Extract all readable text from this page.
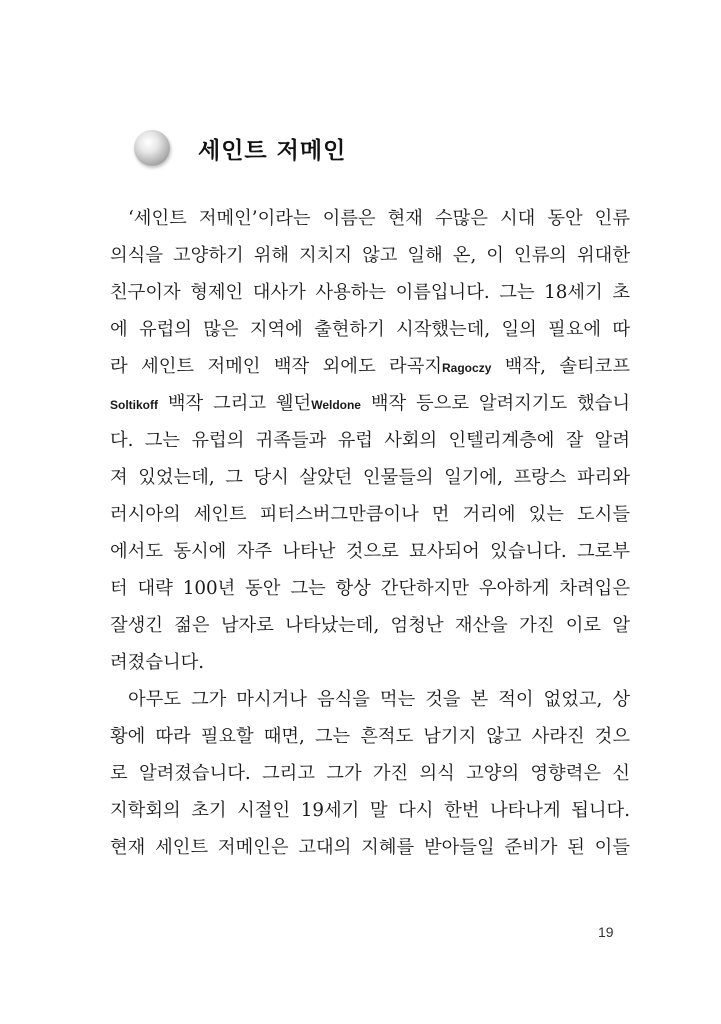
세인트 저메인
‘세인트 저메인’이라는 이름은 현재 수많은 시대 동안 인류
의식을 고양하기 위해 지치지 않고 일해 온, 이 인류의 위대한
친구이자 형제인 대사가 사용하는 이름입니다. 그는 18세기 초
에 유럽의 많은 지역에 출현하기 시작했는데, 일의 필요에 따
라 세인트 저메인 백작 외에도 라곡지Ragoczy 백작, 솔티코프
Soltikoff 백작 그리고 웰던Weldone 백작 등으로 알려지기도 했습니
다. 그는 유럽의 귀족들과 유럽 사회의 인텔리계층에 잘 알려
져 있었는데, 그 당시 살았던 인물들의 일기에, 프랑스 파리와
러시아의 세인트 피터스버그만큼이나 먼 거리에 있는 도시들
에서도 동시에 자주 나타난 것으로 묘사되어 있습니다. 그로부
터 대략 100년 동안 그는 항상 간단하지만 우아하게 차려입은
잘생긴 젊은 남자로 나타났는데, 엄청난 재산을 가진 이로 알
려졌습니다.
아무도 그가 마시거나 음식을 먹는 것을 본 적이 없었고, 상
황에 따라 필요할 때면, 그는 흔적도 남기지 않고 사라진 것으
로 알려졌습니다. 그리고 그가 가진 의식 고양의 영향력은 신
지학회의 초기 시절인 19세기 말 다시 한번 나타나게 됩니다.
현재 세인트 저메인은 고대의 지혜를 받아들일 준비가 된 이들
19
